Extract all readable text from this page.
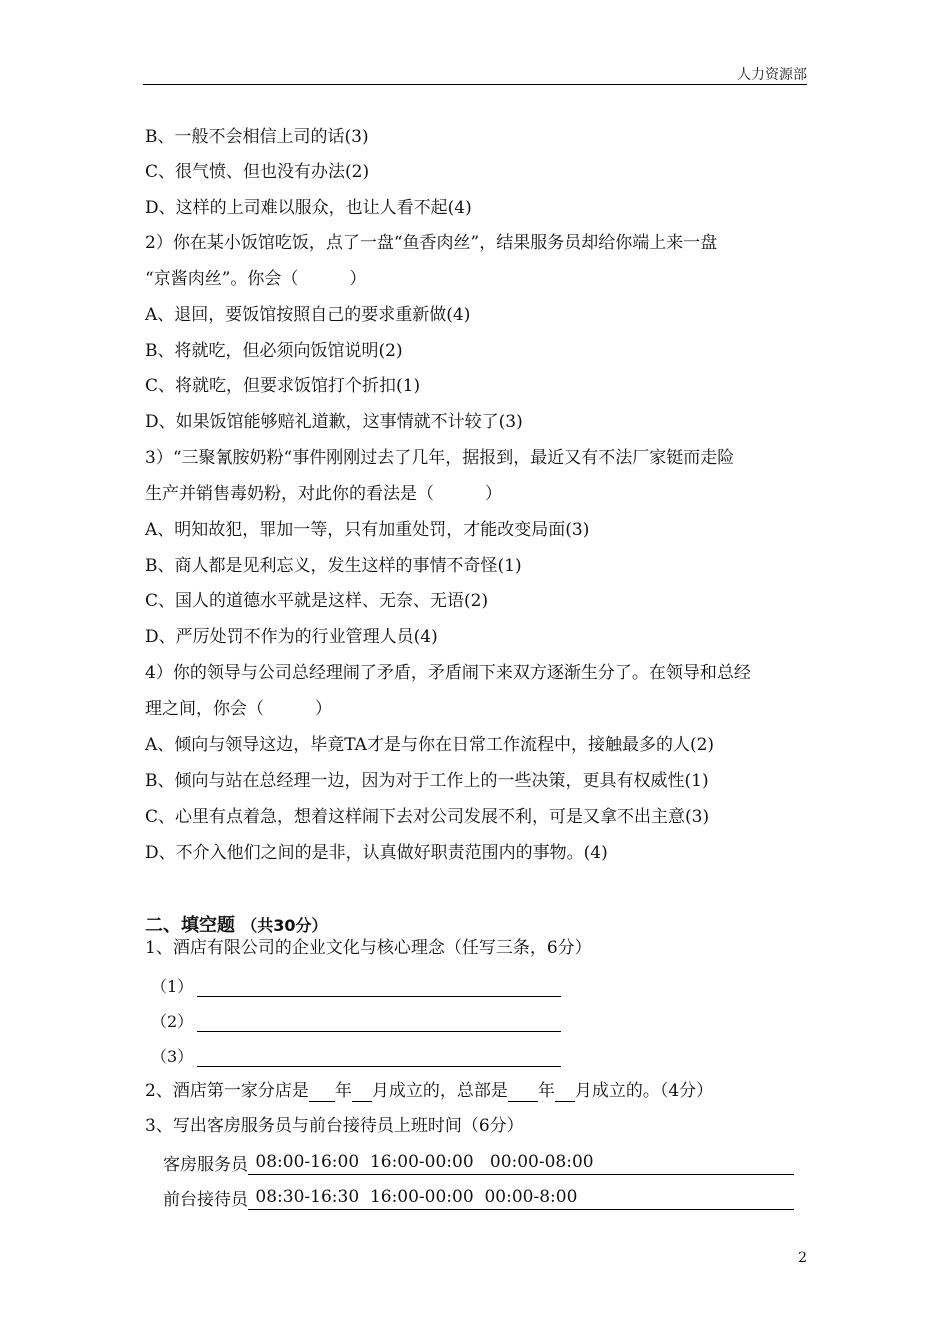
人力资源部
B、一般不会相信上司的话(3)
C、很气愤、但也没有办法(2)
D、这样的上司难以服众，也让人看不起(4)
2）你在某小饭馆吃饭，点了一盘“鱼香肉丝”，结果服务员却给你端上来一盘
“京酱肉丝”。你会（　　　）
A、退回，要饭馆按照自己的要求重新做(4)
B、将就吃，但必须向饭馆说明(2)
C、将就吃，但要求饭馆打个折扣(1)
D、如果饭馆能够赔礼道歉，这事情就不计较了(3)
3）“三聚氰胺奶粉“事件刚刚过去了几年，据报到，最近又有不法厂家铤而走险
生产并销售毒奶粉，对此你的看法是（　　　）
A、明知故犯，罪加一等，只有加重处罚，才能改变局面(3)
B、商人都是见利忘义，发生这样的事情不奇怪(1)
C、国人的道德水平就是这样、无奈、无语(2)
D、严厉处罚不作为的行业管理人员(4)
4）你的领导与公司总经理闹了矛盾，矛盾闹下来双方逐渐生分了。在领导和总经
理之间，你会（　　　）
A、倾向与领导这边，毕竟TA才是与你在日常工作流程中，接触最多的人(2)
B、倾向与站在总经理一边，因为对于工作上的一些决策，更具有权威性(1)
C、心里有点着急，想着这样闹下去对公司发展不利，可是又拿不出主意(3)
D、不介入他们之间的是非，认真做好职责范围内的事物。(4)
二、填空题 （共30分）
1、酒店有限公司的企业文化与核心理念（任写三条，6分）
（1）
（2）
（3）
2、酒店第一家分店是 年 月成立的，总部是 年 月成立的。（4分）
3、写出客房服务员与前台接待员上班时间（6分）
客房服务员 08:00-16:00  16:00-00:00   00:00-08:00
前台接待员 08:30-16:30  16:00-00:00  00:00-8:00
2
